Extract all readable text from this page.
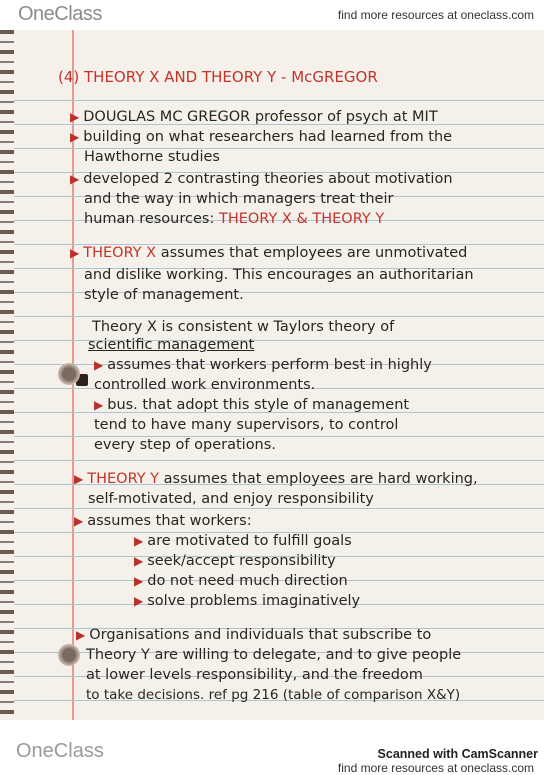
OneClass	find more resources at oneclass.com
(4) THEORY X AND THEORY Y - McGREGOR
▶ DOUGLAS MC GREGOR professor of psych at MIT
▶ building on what researchers had learned from the
Hawthorne studies
▶ developed 2 contrasting theories about motivation
and the way in which managers treat their
human resources: THEORY X & THEORY Y
▶ THEORY X assumes that employees are unmotivated
and dislike working. This encourages an authoritarian
style of management.
Theory X is consistent w Taylors theory of
scientific management
▶ assumes that workers perform best in highly
controlled work environments.
▶ bus. that adopt this style of management
tend to have many supervisors, to control
every step of operations.
▶ THEORY Y assumes that employees are hard working,
self-motivated, and enjoy responsibility
▶ assumes that workers:
▶ are motivated to fulfill goals
▶ seek/accept responsibility
▶ do not need much direction
▶ solve problems imaginatively
▶ Organisations and individuals that subscribe to
Theory Y are willing to delegate, and to give people
at lower levels responsibility, and the freedom
to take decisions. ref pg 216 (table of comparison X&Y)
OneClass	Scanned with CamScanner
find more resources at oneclass.com
